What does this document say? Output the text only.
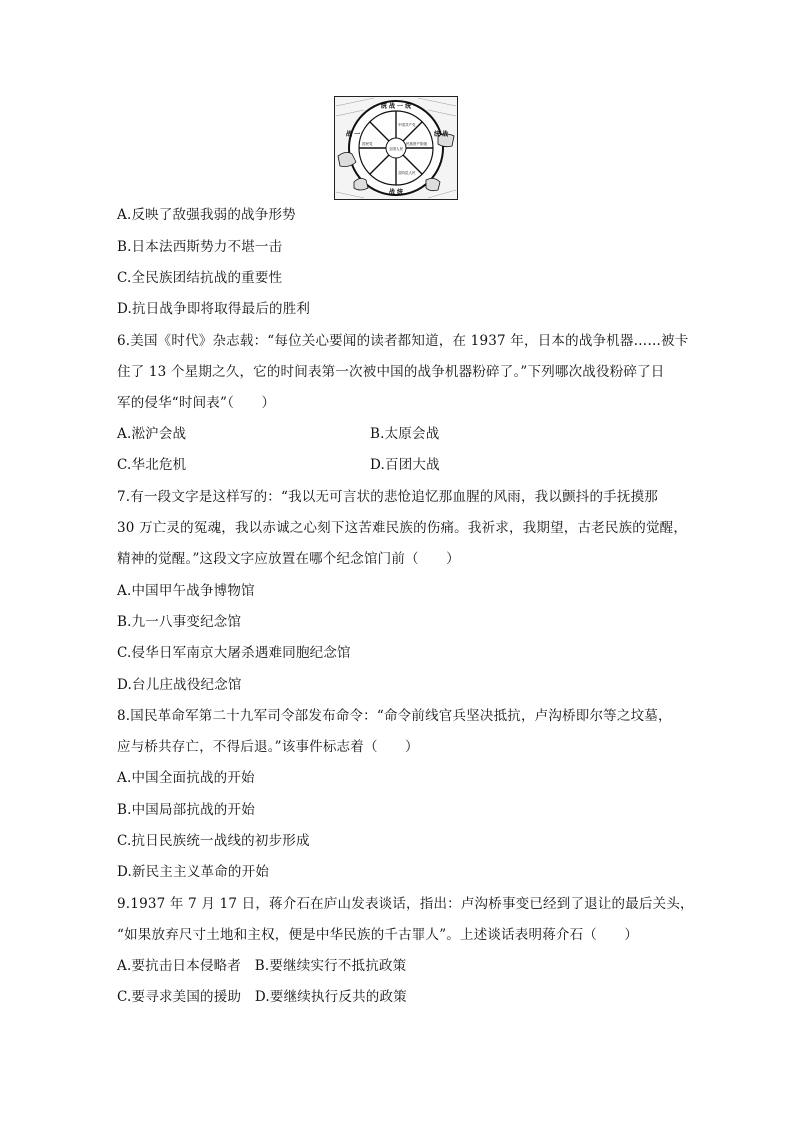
统 战 一 统
战 一	统 战
战 统
中国共产党
国民党	民族资产阶级
各阶层人民
全国人民
A.反映了敌强我弱的战争形势
B.日本法西斯势力不堪一击
C.全民族团结抗战的重要性
D.抗日战争即将取得最后的胜利
6.美国《时代》杂志载：“每位关心要闻的读者都知道，在 1937 年，日本的战争机器……被卡
住了 13 个星期之久，它的时间表第一次被中国的战争机器粉碎了。”下列哪次战役粉碎了日
军的侵华“时间表”（　　）
A.淞沪会战	B.太原会战
C.华北危机	D.百团大战
7.有一段文字是这样写的：“我以无可言状的悲怆追忆那血腥的风雨，我以颤抖的手抚摸那
30 万亡灵的冤魂，我以赤诚之心刻下这苦难民族的伤痛。我祈求，我期望，古老民族的觉醒，
精神的觉醒。”这段文字应放置在哪个纪念馆门前（　　）
A.中国甲午战争博物馆
B.九一八事变纪念馆
C.侵华日军南京大屠杀遇难同胞纪念馆
D.台儿庄战役纪念馆
8.国民革命军第二十九军司令部发布命令：“命令前线官兵坚决抵抗，卢沟桥即尔等之坟墓，
应与桥共存亡，不得后退。”该事件标志着（　　）
A.中国全面抗战的开始
B.中国局部抗战的开始
C.抗日民族统一战线的初步形成
D.新民主主义革命的开始
9.1937 年 7 月 17 日，蒋介石在庐山发表谈话，指出：卢沟桥事变已经到了退让的最后关头，
“如果放弃尺寸土地和主权，便是中华民族的千古罪人”。上述谈话表明蒋介石（　　）
A.要抗击日本侵略者　B.要继续实行不抵抗政策
C.要寻求美国的援助　D.要继续执行反共的政策
